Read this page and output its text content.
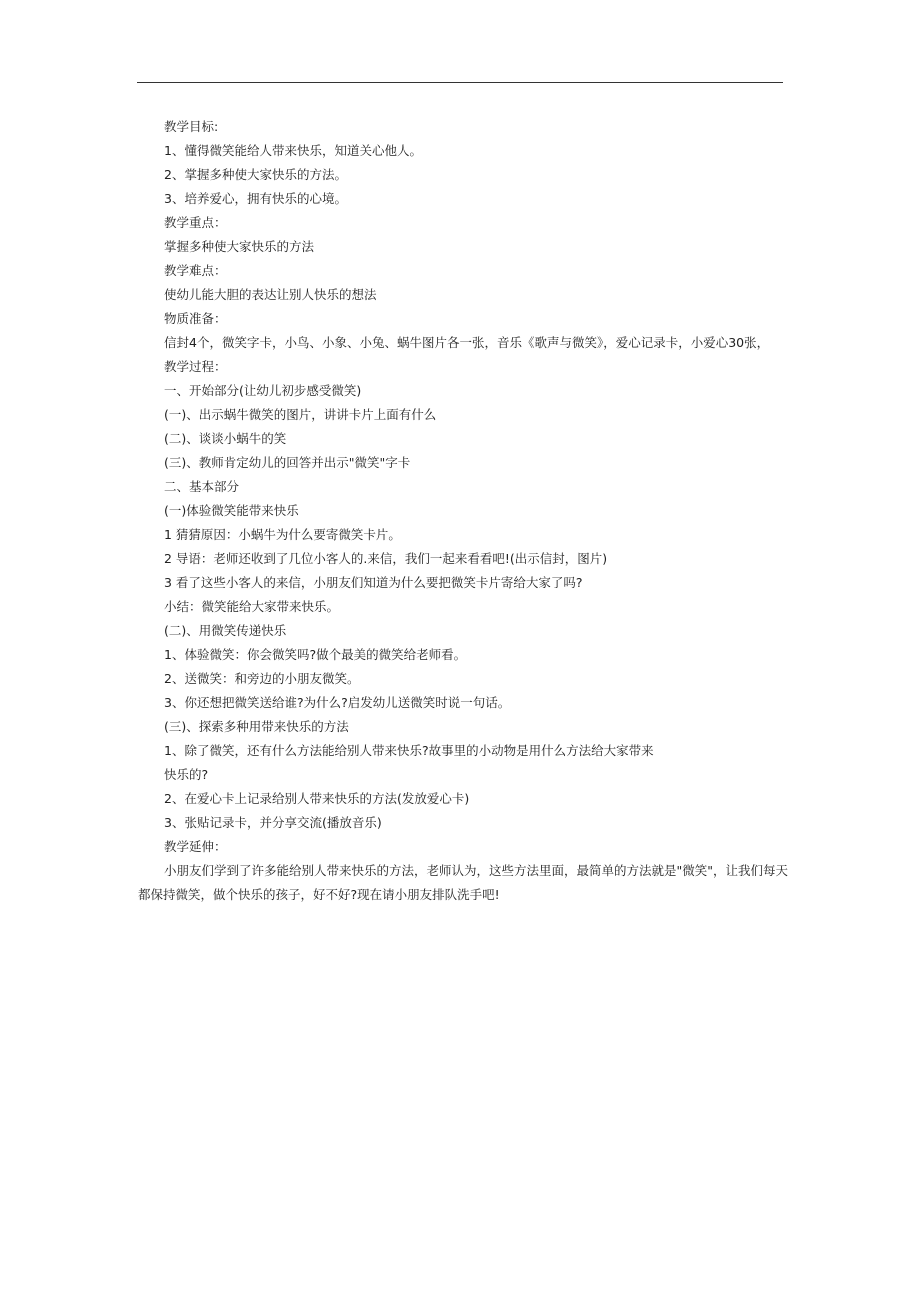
教学目标:
1、懂得微笑能给人带来快乐，知道关心他人。
2、掌握多种使大家快乐的方法。
3、培养爱心，拥有快乐的心境。
教学重点：
掌握多种使大家快乐的方法
教学难点：
使幼儿能大胆的表达让别人快乐的想法
物质准备：
信封4个，微笑字卡，小鸟、小象、小兔、蜗牛图片各一张，音乐《歌声与微笑》，爱心记录卡，小爱心30张，
教学过程：
一、开始部分(让幼儿初步感受微笑)
(一)、出示蜗牛微笑的图片，讲讲卡片上面有什么
(二)、谈谈小蜗牛的笑
(三)、教师肯定幼儿的回答并出示"微笑"字卡
二、基本部分
(一)体验微笑能带来快乐
1 猜猜原因：小蜗牛为什么要寄微笑卡片。
2 导语：老师还收到了几位小客人的.来信，我们一起来看看吧!(出示信封，图片)
3 看了这些小客人的来信，小朋友们知道为什么要把微笑卡片寄给大家了吗?
小结：微笑能给大家带来快乐。
(二)、用微笑传递快乐
1、体验微笑：你会微笑吗?做个最美的微笑给老师看。
2、送微笑：和旁边的小朋友微笑。
3、你还想把微笑送给谁?为什么?启发幼儿送微笑时说一句话。
(三)、探索多种用带来快乐的方法
1、除了微笑，还有什么方法能给别人带来快乐?故事里的小动物是用什么方法给大家带来
快乐的?
2、在爱心卡上记录给别人带来快乐的方法(发放爱心卡)
3、张贴记录卡，并分享交流(播放音乐)
教学延伸：
小朋友们学到了许多能给别人带来快乐的方法，老师认为，这些方法里面，最简单的方法就是"微笑"，让我们每天
都保持微笑，做个快乐的孩子，好不好?现在请小朋友排队洗手吧!
